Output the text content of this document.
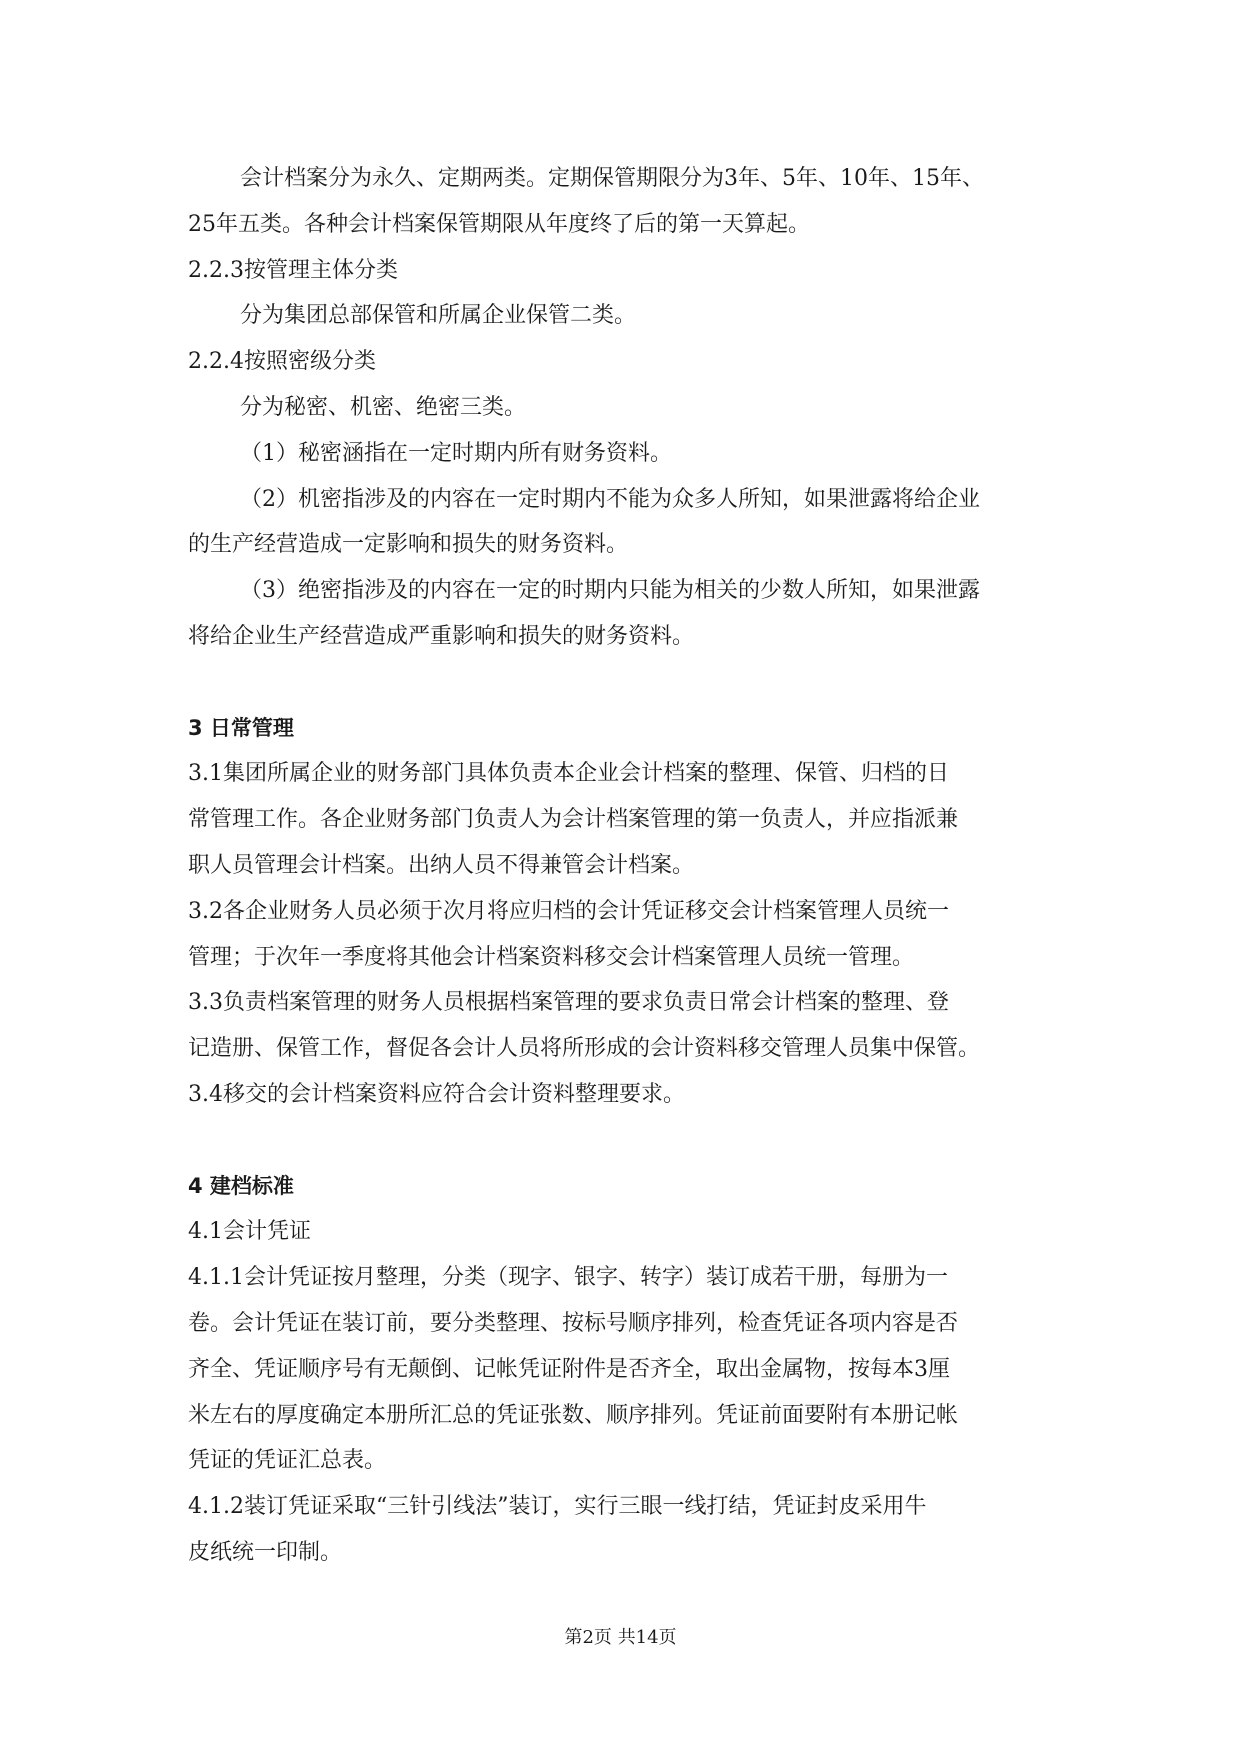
会计档案分为永久、定期两类。定期保管期限分为3年、5年、10年、15年、
25年五类。各种会计档案保管期限从年度终了后的第一天算起。
2.2.3按管理主体分类
分为集团总部保管和所属企业保管二类。
2.2.4按照密级分类
分为秘密、机密、绝密三类。
（1）秘密涵指在一定时期内所有财务资料。
（2）机密指涉及的内容在一定时期内不能为众多人所知，如果泄露将给企业
的生产经营造成一定影响和损失的财务资料。
（3）绝密指涉及的内容在一定的时期内只能为相关的少数人所知，如果泄露
将给企业生产经营造成严重影响和损失的财务资料。
3 日常管理
3.1集团所属企业的财务部门具体负责本企业会计档案的整理、保管、归档的日
常管理工作。各企业财务部门负责人为会计档案管理的第一负责人，并应指派兼
职人员管理会计档案。出纳人员不得兼管会计档案。
3.2各企业财务人员必须于次月将应归档的会计凭证移交会计档案管理人员统一
管理；于次年一季度将其他会计档案资料移交会计档案管理人员统一管理。
3.3负责档案管理的财务人员根据档案管理的要求负责日常会计档案的整理、登
记造册、保管工作，督促各会计人员将所形成的会计资料移交管理人员集中保管。
3.4移交的会计档案资料应符合会计资料整理要求。
4 建档标准
4.1会计凭证
4.1.1会计凭证按月整理，分类（现字、银字、转字）装订成若干册，每册为一
卷。会计凭证在装订前，要分类整理、按标号顺序排列，检查凭证各项内容是否
齐全、凭证顺序号有无颠倒、记帐凭证附件是否齐全，取出金属物，按每本3厘
米左右的厚度确定本册所汇总的凭证张数、顺序排列。凭证前面要附有本册记帐
凭证的凭证汇总表。
4.1.2装订凭证采取“三针引线法”装订，实行三眼一线打结，凭证封皮采用牛
皮纸统一印制。
第2页 共14页
